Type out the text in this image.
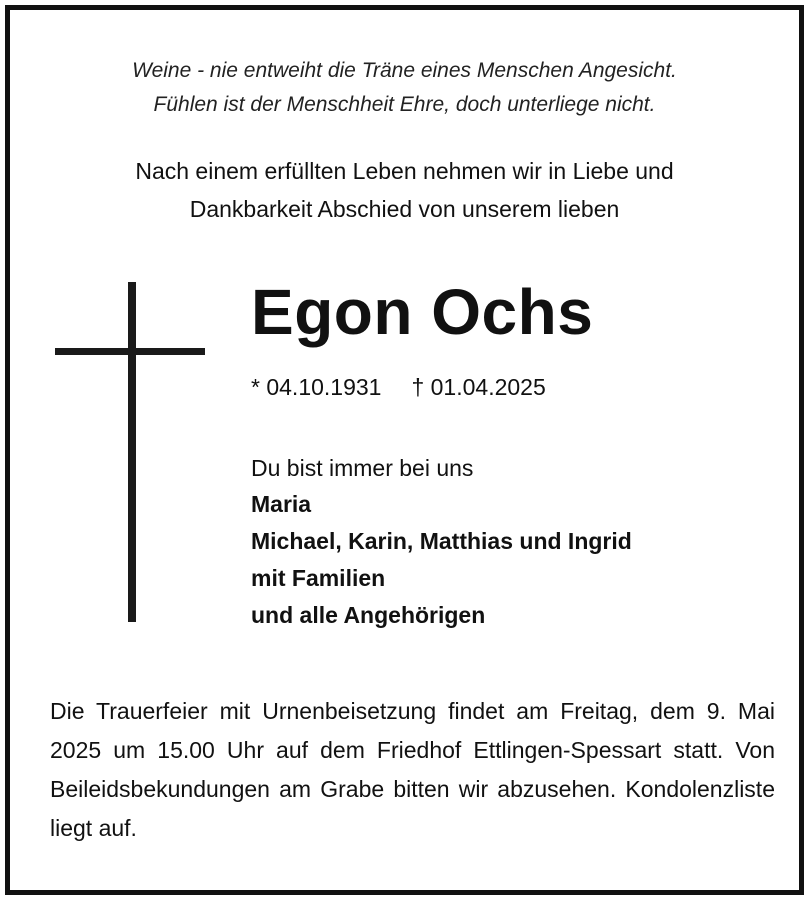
Weine - nie entweiht die Träne eines Menschen Angesicht.
Fühlen ist der Menschheit Ehre, doch unterliege nicht.
Nach einem erfüllten Leben nehmen wir in Liebe und
Dankbarkeit Abschied von unserem lieben
Egon Ochs
* 04.10.1931 † 01.04.2025
Du bist immer bei uns
Maria
Michael, Karin, Matthias und Ingrid
mit Familien
und alle Angehörigen
Die Trauerfeier mit Urnenbeisetzung findet am Freitag, dem 9. Mai 2025 um 15.00 Uhr auf dem Friedhof Ettlingen-Spessart statt. Von Beileidsbekundungen am Grabe bitten wir abzusehen. Kondolenzliste liegt auf.
